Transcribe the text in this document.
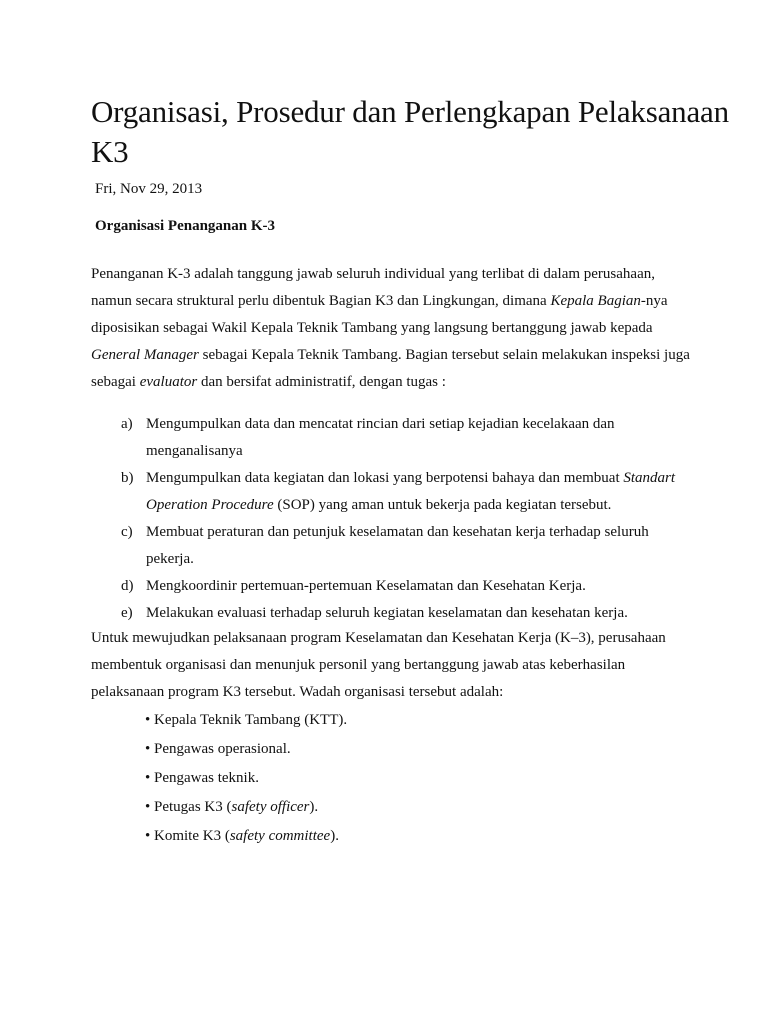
Organisasi, Prosedur dan Perlengkapan Pelaksanaan K3
Fri, Nov 29, 2013
Organisasi Penanganan K-3

Penanganan K-3 adalah tanggung jawab seluruh individual yang terlibat di dalam perusahaan, namun secara struktural perlu dibentuk Bagian K3 dan Lingkungan, dimana Kepala Bagian-nya diposisikan sebagai Wakil Kepala Teknik Tambang yang langsung bertanggung jawab kepada General Manager sebagai Kepala Teknik Tambang. Bagian tersebut selain melakukan inspeksi juga sebagai evaluator dan bersifat administratif, dengan tugas :

a) Mengumpulkan data dan mencatat rincian dari setiap kejadian kecelakaan dan menganalisanya
b) Mengumpulkan data kegiatan dan lokasi yang berpotensi bahaya dan membuat Standart Operation Procedure (SOP) yang aman untuk bekerja pada kegiatan tersebut.
c) Membuat peraturan dan petunjuk keselamatan dan kesehatan kerja terhadap seluruh pekerja.
d) Mengkoordinir pertemuan-pertemuan Keselamatan dan Kesehatan Kerja.
e) Melakukan evaluasi terhadap seluruh kegiatan keselamatan dan kesehatan kerja.

Untuk mewujudkan pelaksanaan program Keselamatan dan Kesehatan Kerja (K–3), perusahaan membentuk organisasi dan menunjuk personil yang bertanggung jawab atas keberhasilan pelaksanaan program K3 tersebut. Wadah organisasi tersebut adalah:

• Kepala Teknik Tambang (KTT).
• Pengawas operasional.
• Pengawas teknik.
• Petugas K3 (safety officer).
• Komite K3 (safety committee).
